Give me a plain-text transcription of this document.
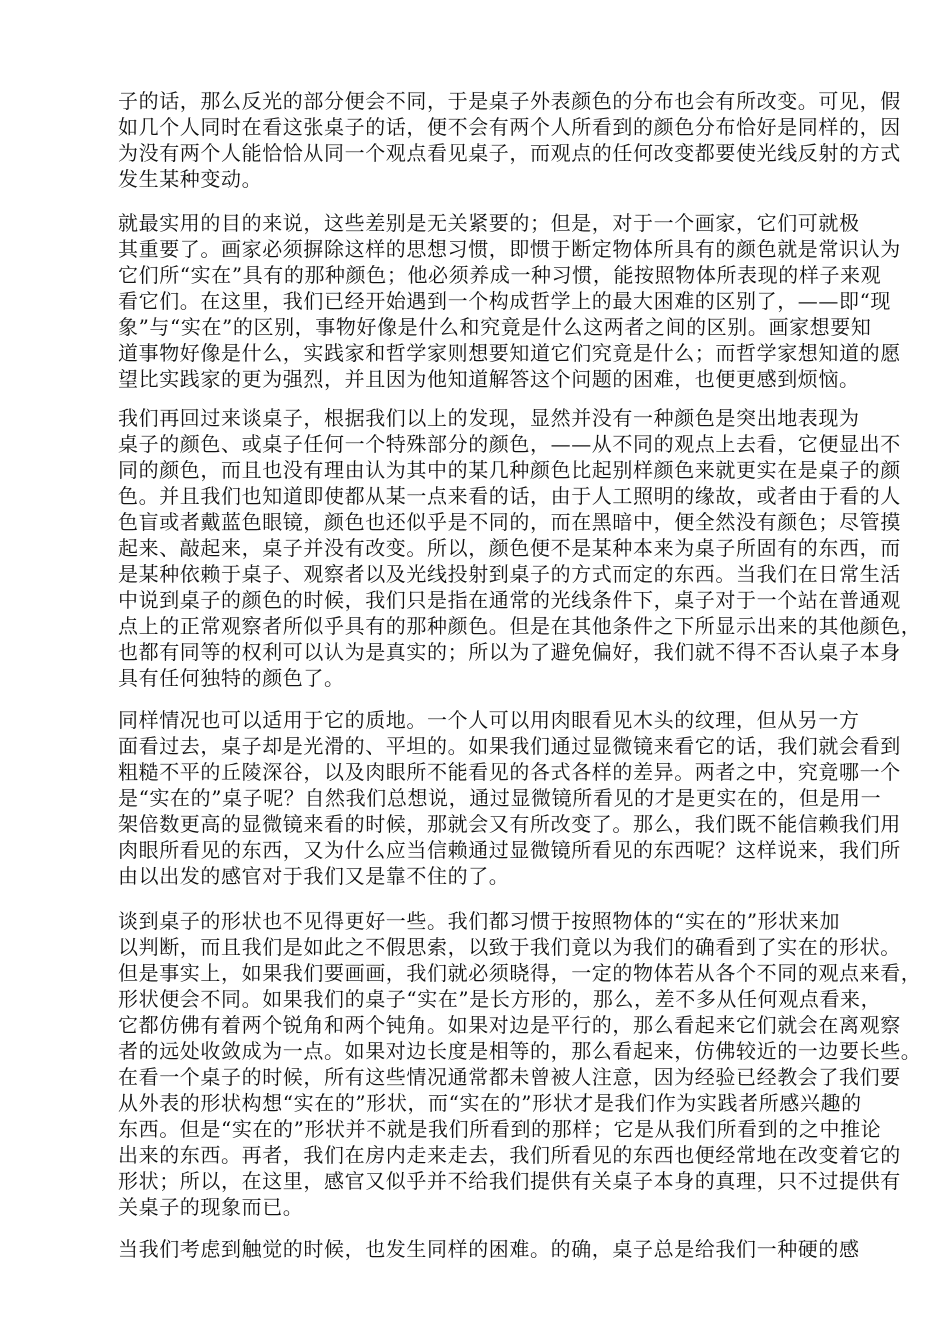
子的话，那么反光的部分便会不同，于是桌子外表颜色的分布也会有所改变。可见，假
如几个人同时在看这张桌子的话，便不会有两个人所看到的颜色分布恰好是同样的，因
为没有两个人能恰恰从同一个观点看见桌子，而观点的任何改变都要使光线反射的方式
发生某种变动。
就最实用的目的来说，这些差别是无关紧要的；但是，对于一个画家，它们可就极
其重要了。画家必须摒除这样的思想习惯，即惯于断定物体所具有的颜色就是常识认为
它们所“实在”具有的那种颜色；他必须养成一种习惯，能按照物体所表现的样子来观
看它们。在这里，我们已经开始遇到一个构成哲学上的最大困难的区别了，——即“现
象”与“实在”的区别，事物好像是什么和究竟是什么这两者之间的区别。画家想要知
道事物好像是什么，实践家和哲学家则想要知道它们究竟是什么；而哲学家想知道的愿
望比实践家的更为强烈，并且因为他知道解答这个问题的困难，也便更感到烦恼。
我们再回过来谈桌子，根据我们以上的发现，显然并没有一种颜色是突出地表现为
桌子的颜色、或桌子任何一个特殊部分的颜色，——从不同的观点上去看，它便显出不
同的颜色，而且也没有理由认为其中的某几种颜色比起别样颜色来就更实在是桌子的颜
色。并且我们也知道即使都从某一点来看的话，由于人工照明的缘故，或者由于看的人
色盲或者戴蓝色眼镜，颜色也还似乎是不同的，而在黑暗中，便全然没有颜色；尽管摸
起来、敲起来，桌子并没有改变。所以，颜色便不是某种本来为桌子所固有的东西，而
是某种依赖于桌子、观察者以及光线投射到桌子的方式而定的东西。当我们在日常生活
中说到桌子的颜色的时候，我们只是指在通常的光线条件下，桌子对于一个站在普通观
点上的正常观察者所似乎具有的那种颜色。但是在其他条件之下所显示出来的其他颜色，
也都有同等的权利可以认为是真实的；所以为了避免偏好，我们就不得不否认桌子本身
具有任何独特的颜色了。
同样情况也可以适用于它的质地。一个人可以用肉眼看见木头的纹理，但从另一方
面看过去，桌子却是光滑的、平坦的。如果我们通过显微镜来看它的话，我们就会看到
粗糙不平的丘陵深谷，以及肉眼所不能看见的各式各样的差异。两者之中，究竟哪一个
是“实在的”桌子呢？自然我们总想说，通过显微镜所看见的才是更实在的，但是用一
架倍数更高的显微镜来看的时候，那就会又有所改变了。那么，我们既不能信赖我们用
肉眼所看见的东西，又为什么应当信赖通过显微镜所看见的东西呢？这样说来，我们所
由以出发的感官对于我们又是靠不住的了。
谈到桌子的形状也不见得更好一些。我们都习惯于按照物体的“实在的”形状来加
以判断，而且我们是如此之不假思索，以致于我们竟以为我们的确看到了实在的形状。
但是事实上，如果我们要画画，我们就必须晓得，一定的物体若从各个不同的观点来看，
形状便会不同。如果我们的桌子“实在”是长方形的，那么，差不多从任何观点看来，
它都仿佛有着两个锐角和两个钝角。如果对边是平行的，那么看起来它们就会在离观察
者的远处收敛成为一点。如果对边长度是相等的，那么看起来，仿佛较近的一边要长些。
在看一个桌子的时候，所有这些情况通常都未曾被人注意，因为经验已经教会了我们要
从外表的形状构想“实在的”形状，而“实在的”形状才是我们作为实践者所感兴趣的
东西。但是“实在的”形状并不就是我们所看到的那样；它是从我们所看到的之中推论
出来的东西。再者，我们在房内走来走去，我们所看见的东西也便经常地在改变着它的
形状；所以，在这里，感官又似乎并不给我们提供有关桌子本身的真理，只不过提供有
关桌子的现象而已。
当我们考虑到触觉的时候，也发生同样的困难。的确，桌子总是给我们一种硬的感
